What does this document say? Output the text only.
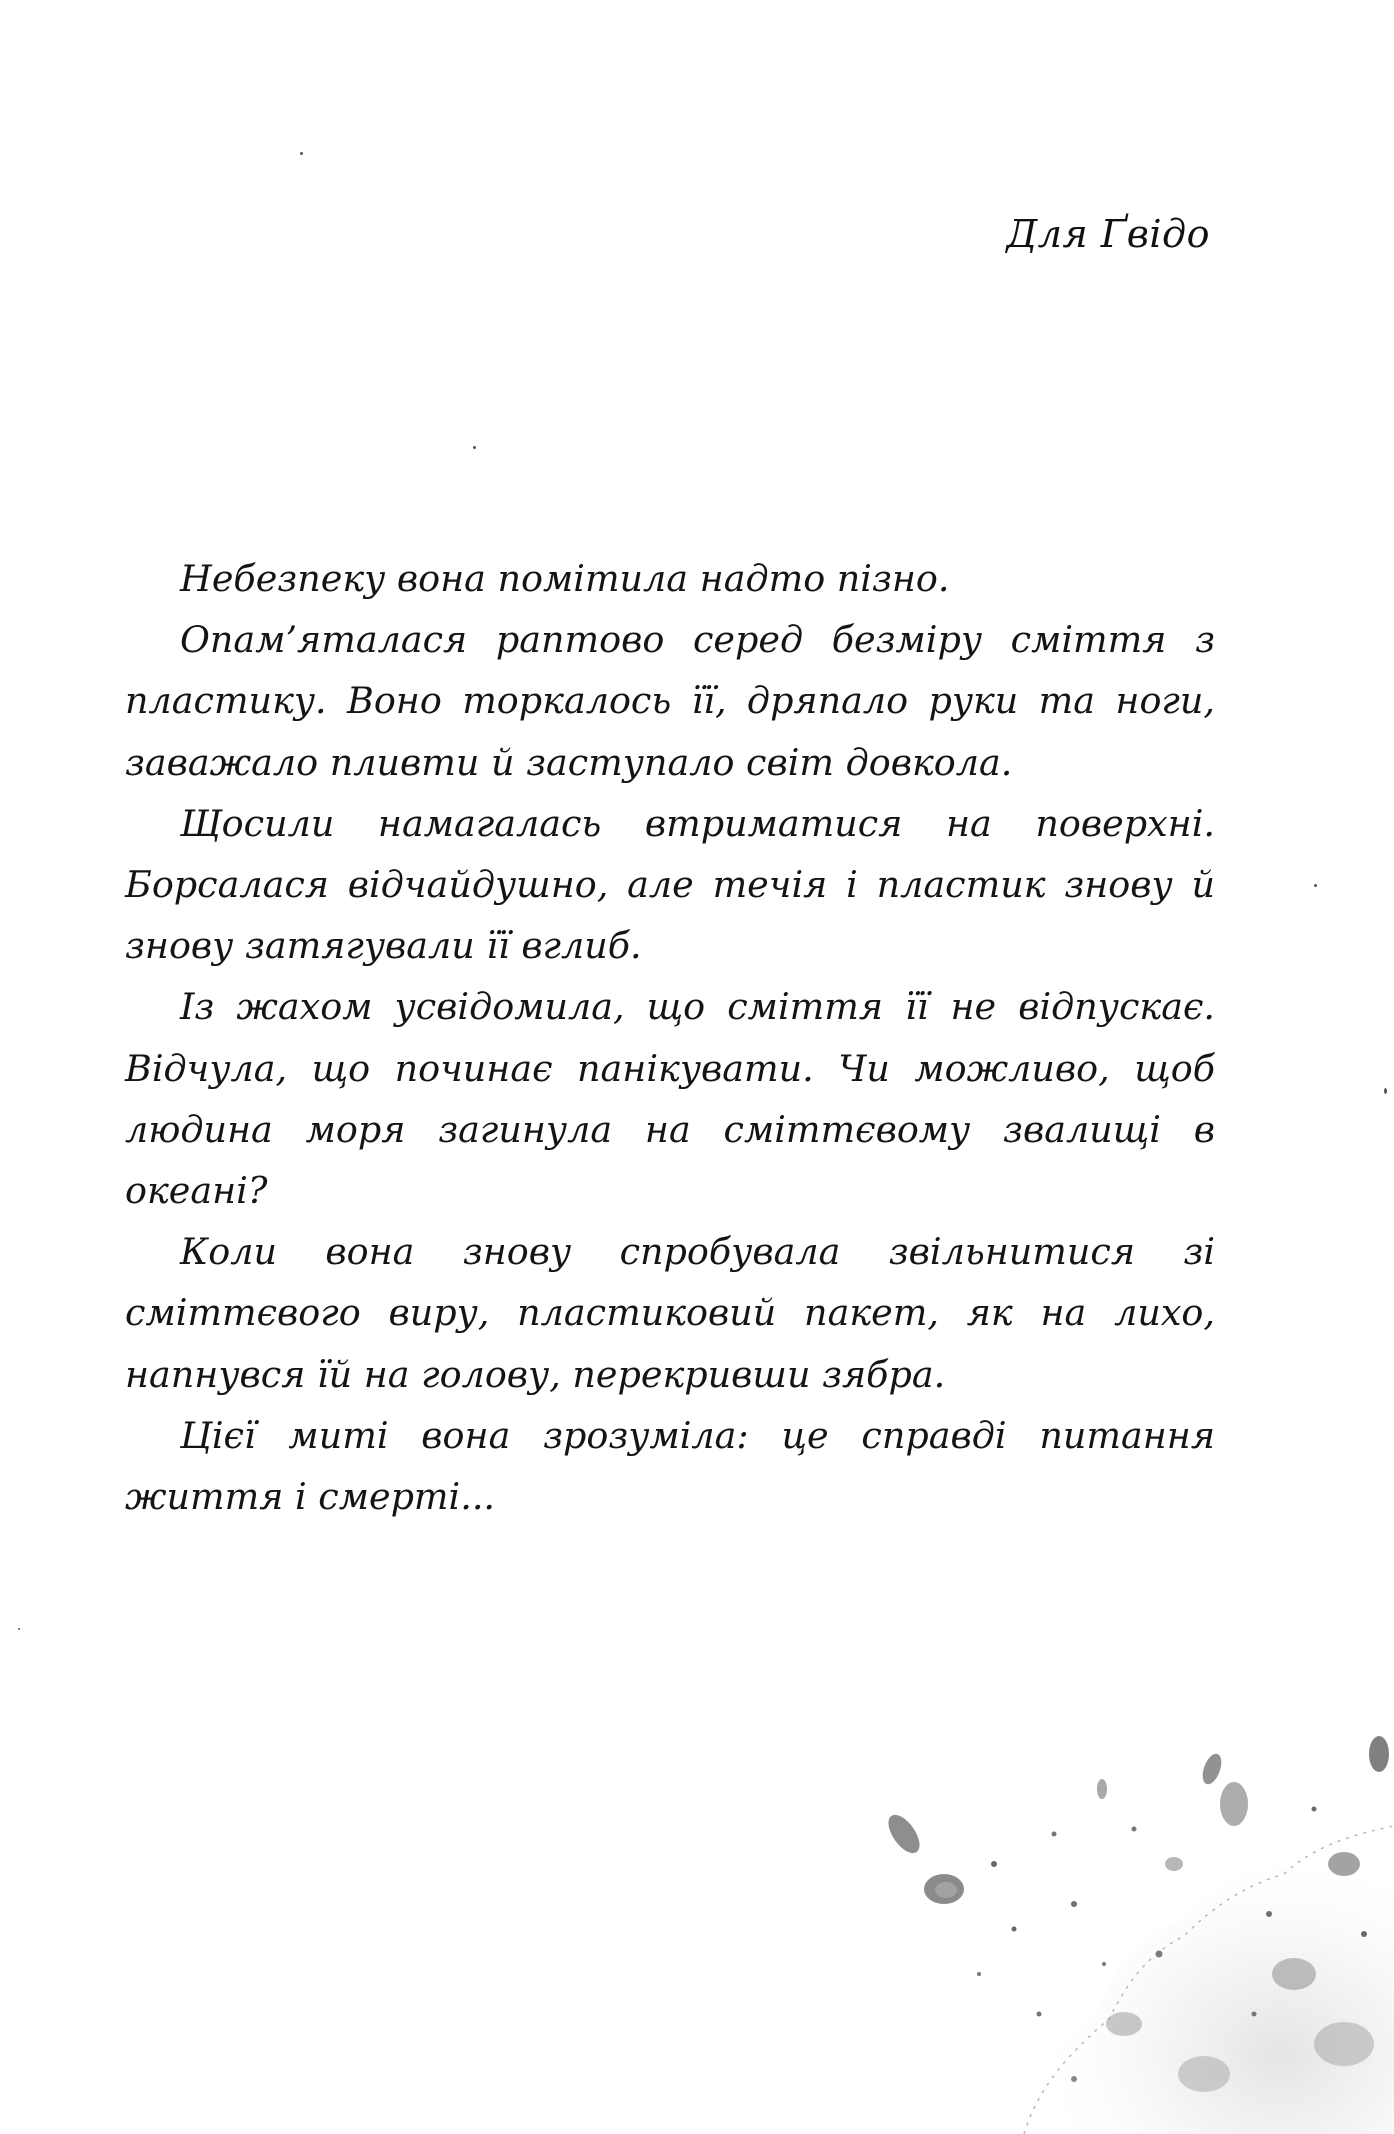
Для Ґвідо

Небезпеку вона помітила надто пізно.

Опам’яталася раптово серед безміру сміття з пластику. Воно торкалось її, дряпало руки та ноги, заважало пливти й заступало світ довкола.

Щосили намагалась втриматися на поверхні. Борсалася відчайдушно, але течія і пластик знову й знову затягували її вглиб.

Із жахом усвідомила, що сміття її не відпускає. Відчула, що починає панікувати. Чи можливо, щоб людина моря загинула на сміттєвому звалищі в океані?

Коли вона знову спробувала звільнитися зі сміттєвого виру, пластиковий пакет, як на лихо, напнувся їй на голову, перекривши зябра.

Цієї миті вона зрозуміла: це справді питання життя і смерті...
